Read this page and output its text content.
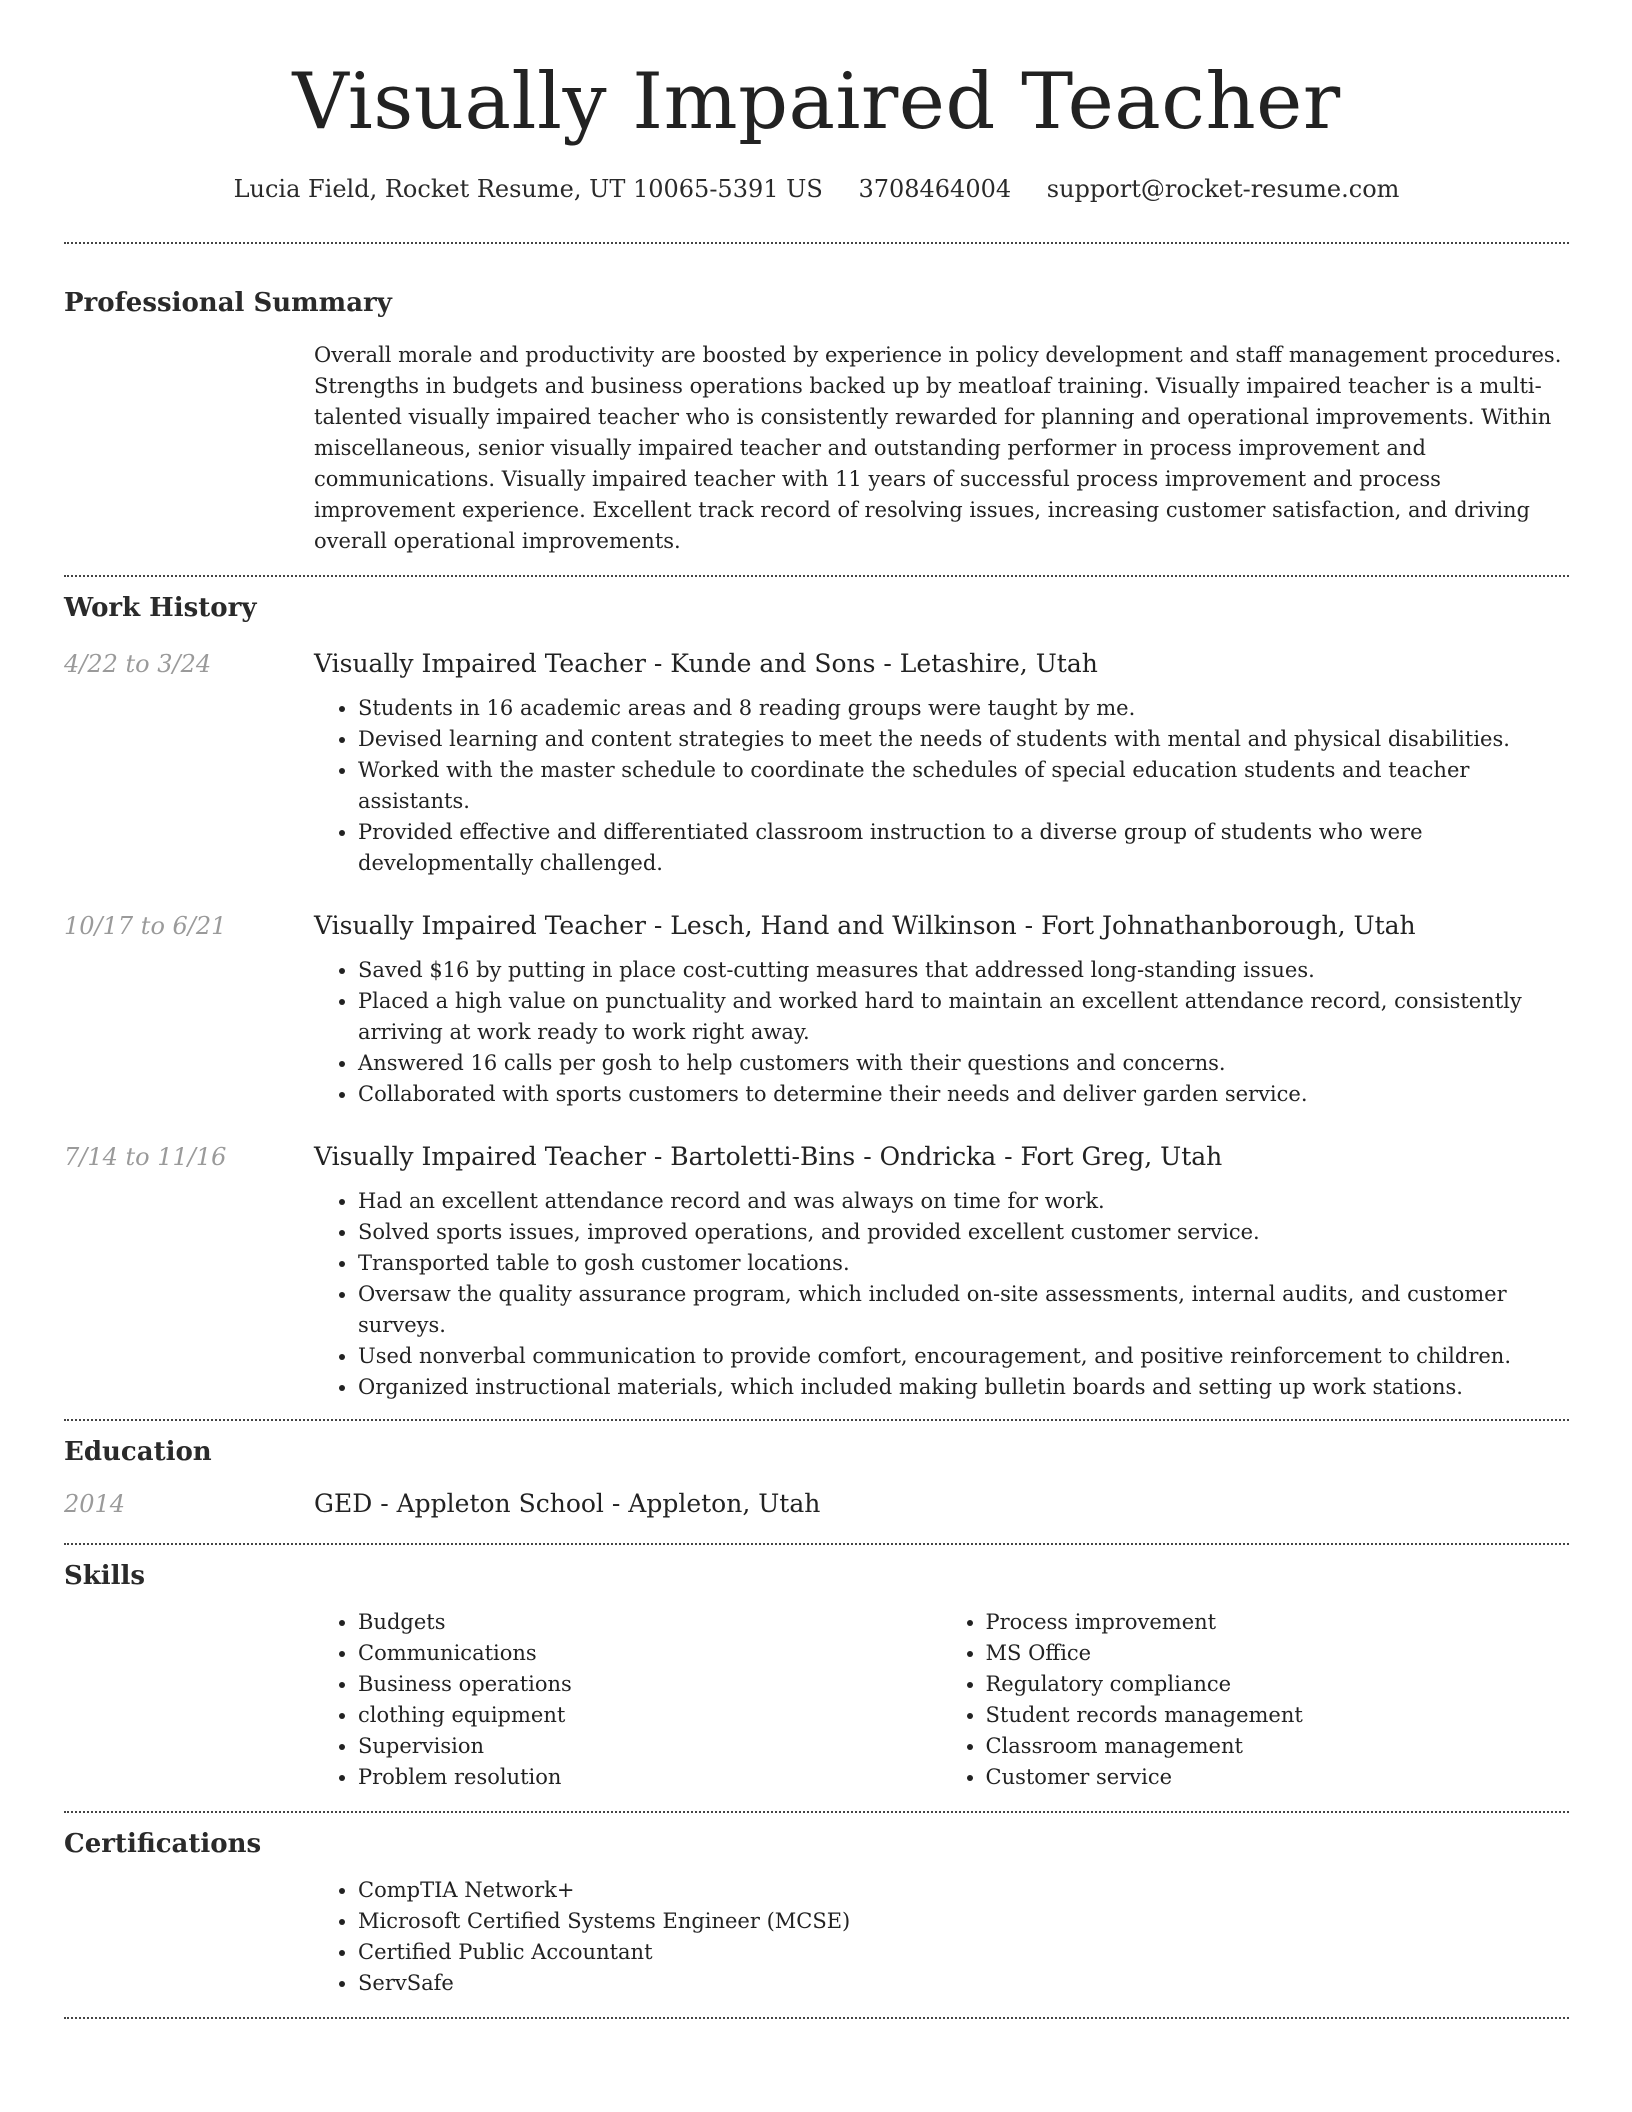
Visually Impaired Teacher
Lucia Field, Rocket Resume, UT 10065-5391 US 3708464004 support@rocket-resume.com
Professional Summary
Overall morale and productivity are boosted by experience in policy development and staff management procedures. Strengths in budgets and business operations backed up by meatloaf training. Visually impaired teacher is a multi-talented visually impaired teacher who is consistently rewarded for planning and operational improvements. Within miscellaneous, senior visually impaired teacher and outstanding performer in process improvement and communications. Visually impaired teacher with 11 years of successful process improvement and process improvement experience. Excellent track record of resolving issues, increasing customer satisfaction, and driving overall operational improvements.
Work History
4/22 to 3/24	Visually Impaired Teacher - Kunde and Sons - Letashire, Utah
• Students in 16 academic areas and 8 reading groups were taught by me.
• Devised learning and content strategies to meet the needs of students with mental and physical disabilities.
• Worked with the master schedule to coordinate the schedules of special education students and teacher assistants.
• Provided effective and differentiated classroom instruction to a diverse group of students who were developmentally challenged.
10/17 to 6/21	Visually Impaired Teacher - Lesch, Hand and Wilkinson - Fort Johnathanborough, Utah
• Saved $16 by putting in place cost-cutting measures that addressed long-standing issues.
• Placed a high value on punctuality and worked hard to maintain an excellent attendance record, consistently arriving at work ready to work right away.
• Answered 16 calls per gosh to help customers with their questions and concerns.
• Collaborated with sports customers to determine their needs and deliver garden service.
7/14 to 11/16	Visually Impaired Teacher - Bartoletti-Bins - Ondricka - Fort Greg, Utah
• Had an excellent attendance record and was always on time for work.
• Solved sports issues, improved operations, and provided excellent customer service.
• Transported table to gosh customer locations.
• Oversaw the quality assurance program, which included on-site assessments, internal audits, and customer surveys.
• Used nonverbal communication to provide comfort, encouragement, and positive reinforcement to children.
• Organized instructional materials, which included making bulletin boards and setting up work stations.
Education
2014	GED - Appleton School - Appleton, Utah
Skills
• Budgets
• Communications
• Business operations
• clothing equipment
• Supervision
• Problem resolution
• Process improvement
• MS Office
• Regulatory compliance
• Student records management
• Classroom management
• Customer service
Certifications
• CompTIA Network+
• Microsoft Certified Systems Engineer (MCSE)
• Certified Public Accountant
• ServSafe
